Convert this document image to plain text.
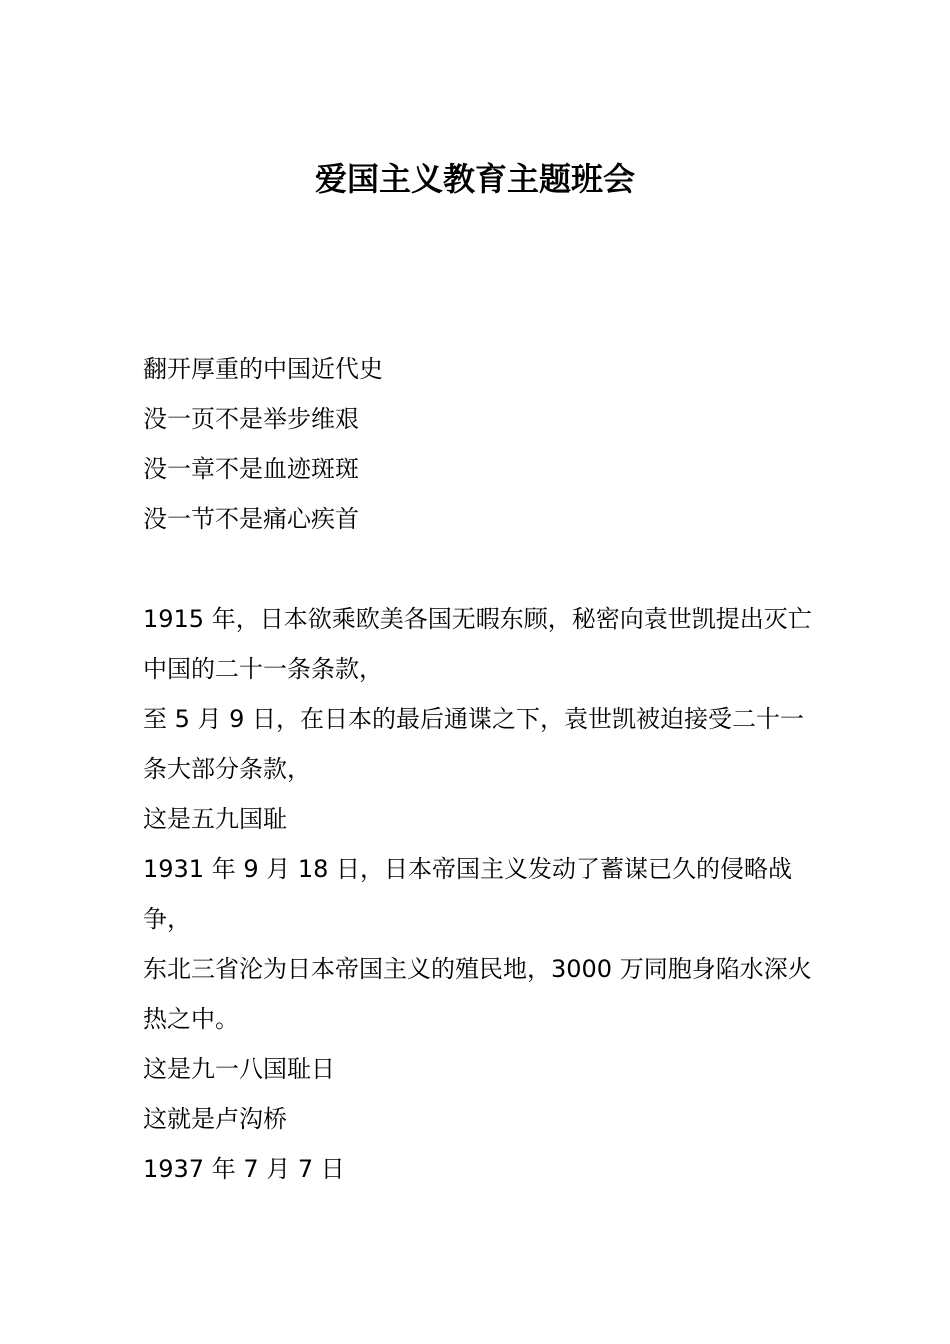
爱国主义教育主题班会

翻开厚重的中国近代史

没一页不是举步维艰

没一章不是血迹斑斑

没一节不是痛心疾首

1915 年，日本欲乘欧美各国无暇东顾，秘密向袁世凯提出灭亡中国的二十一条条款，

至 5 月 9 日，在日本的最后通谍之下，袁世凯被迫接受二十一条大部分条款，

这是五九国耻

1931 年 9 月 18 日，日本帝国主义发动了蓄谋已久的侵略战争，

东北三省沦为日本帝国主义的殖民地，3000 万同胞身陷水深火热之中。

这是九一八国耻日

这就是卢沟桥

1937 年 7 月 7 日
